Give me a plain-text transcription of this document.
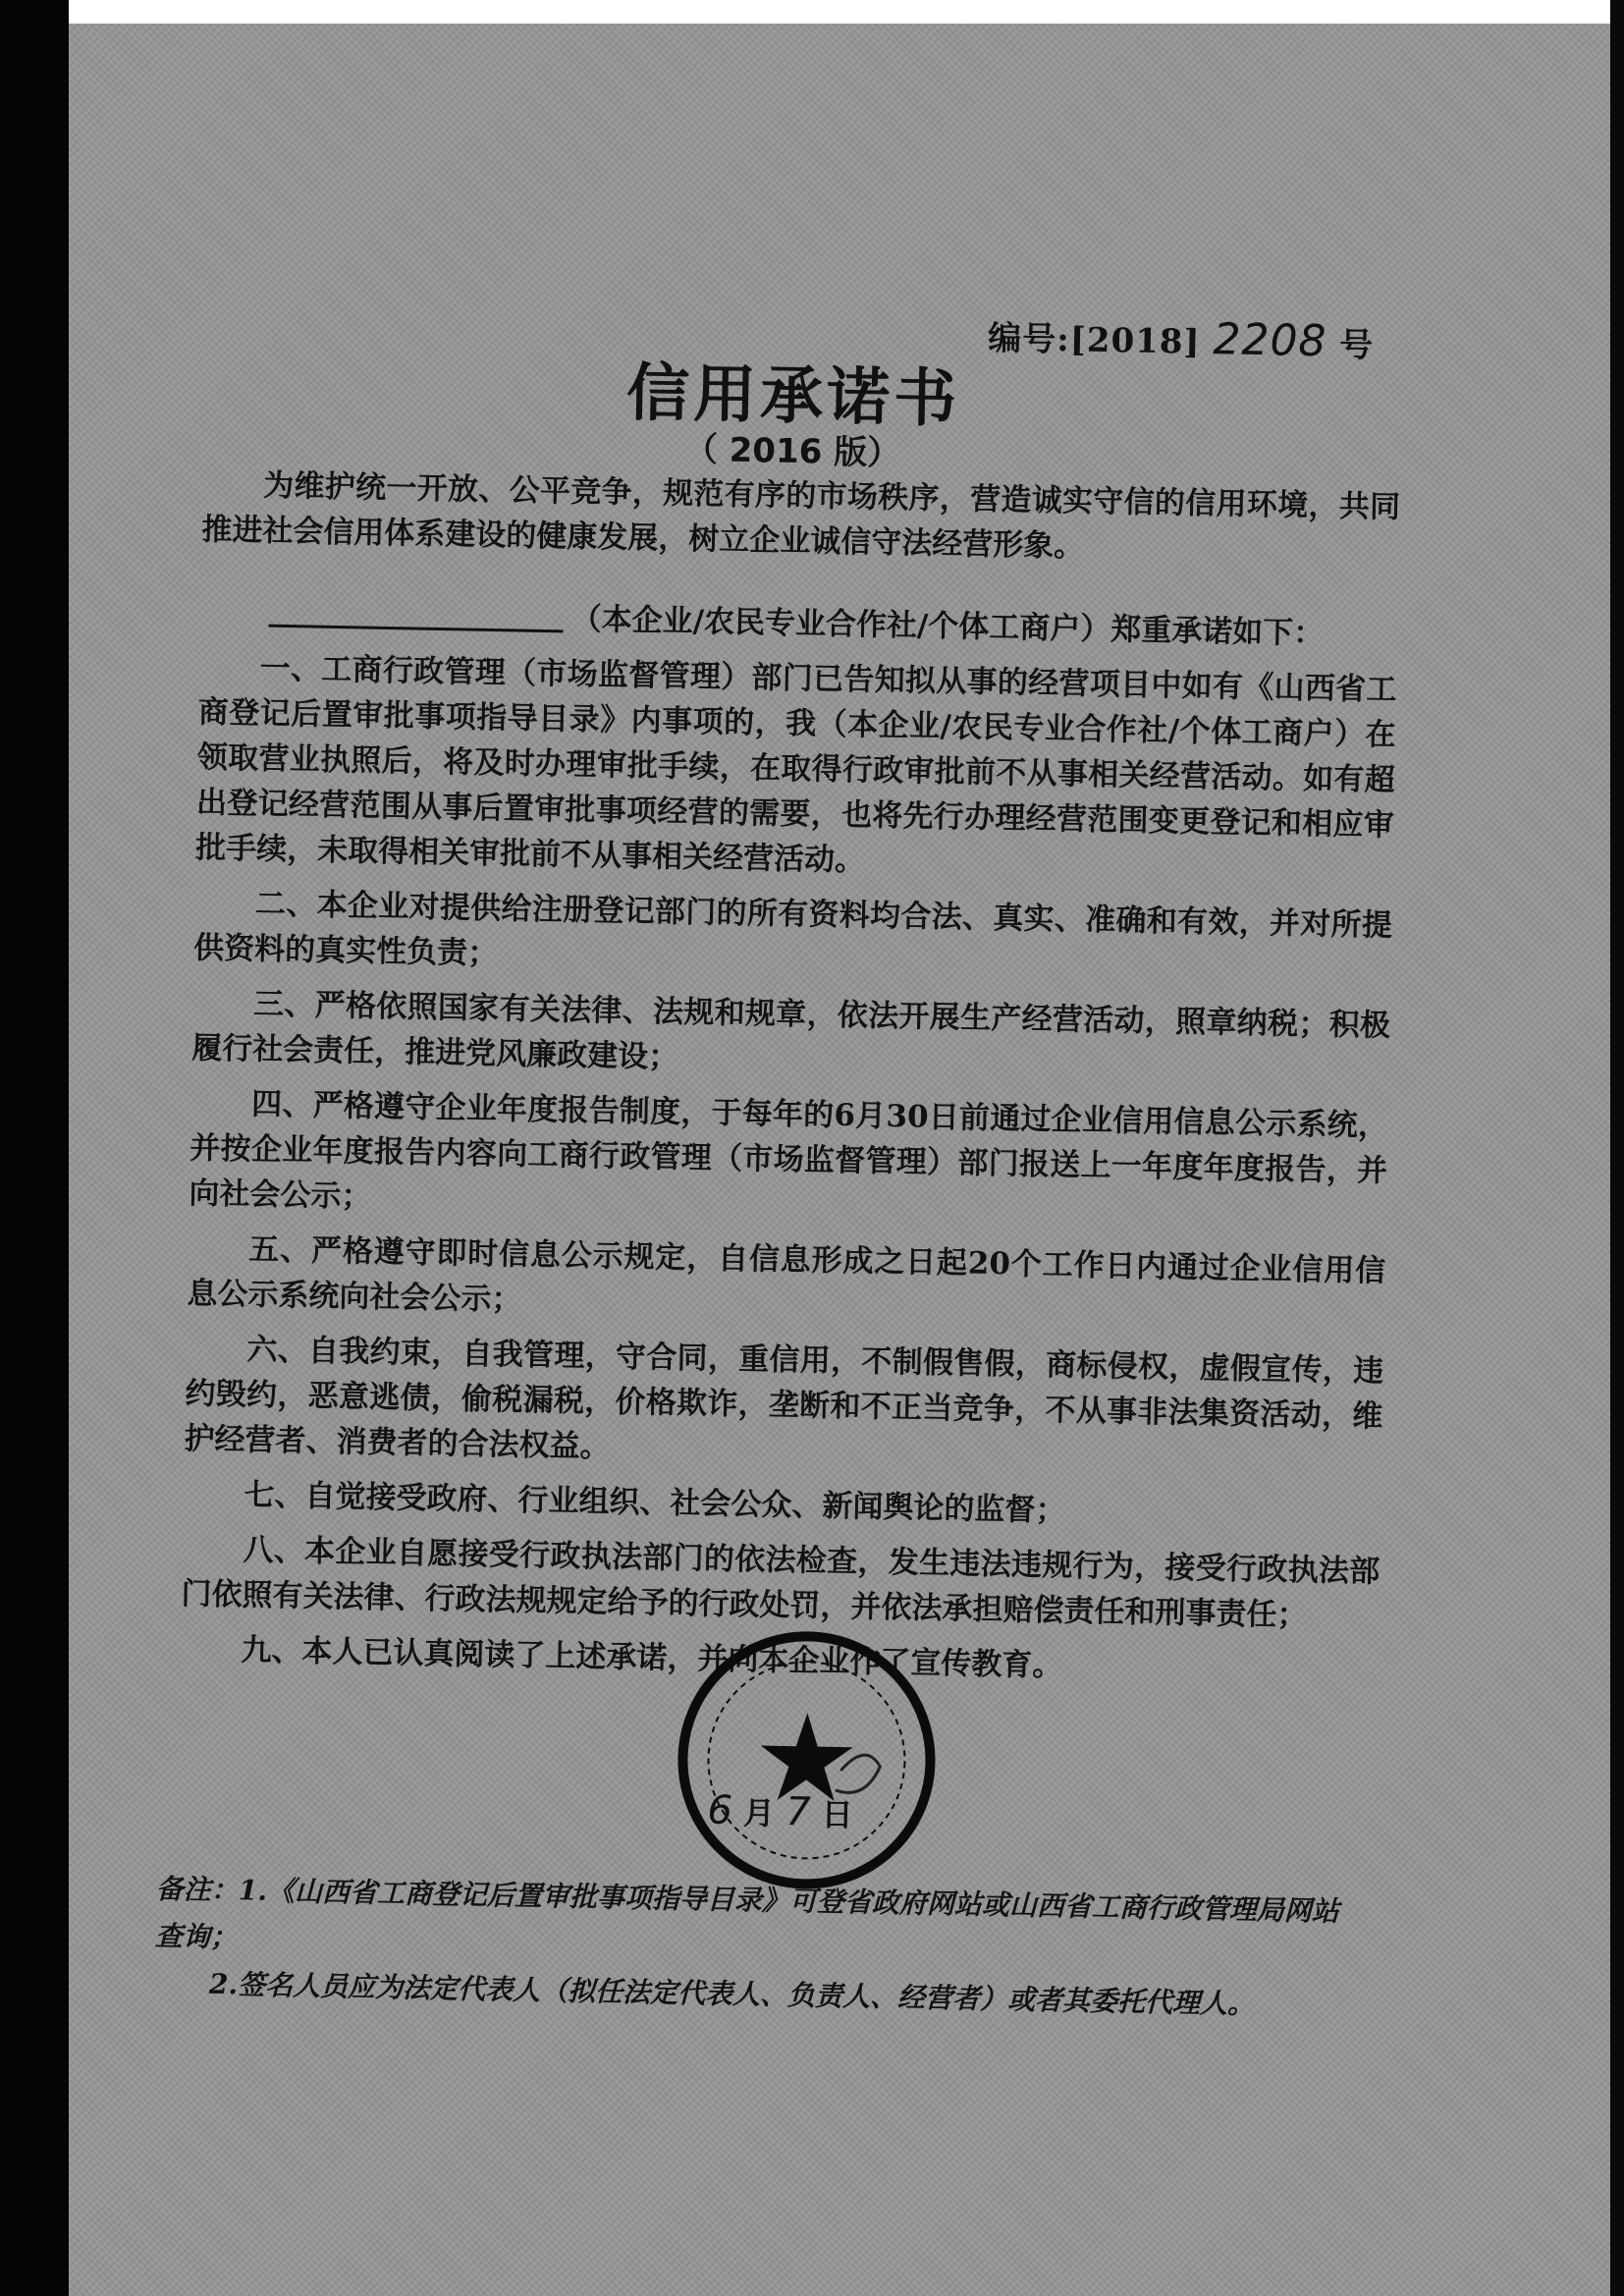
编号:[2018] 2208 号
信用承诺书
（ 2016 版）

为维护统一开放、公平竞争，规范有序的市场秩序，营造诚实守信的信用环境，共同推进社会信用体系建设的健康发展，树立企业诚信守法经营形象。

（本企业/农民专业合作社/个体工商户）郑重承诺如下：

一、工商行政管理（市场监督管理）部门已告知拟从事的经营项目中如有《山西省工商登记后置审批事项指导目录》内事项的，我（本企业/农民专业合作社/个体工商户）在领取营业执照后，将及时办理审批手续，在取得行政审批前不从事相关经营活动。如有超出登记经营范围从事后置审批事项经营的需要，也将先行办理经营范围变更登记和相应审批手续，未取得相关审批前不从事相关经营活动。

二、本企业对提供给注册登记部门的所有资料均合法、真实、准确和有效，并对所提供资料的真实性负责；

三、严格依照国家有关法律、法规和规章，依法开展生产经营活动，照章纳税；积极履行社会责任，推进党风廉政建设；

四、严格遵守企业年度报告制度，于每年的6月30日前通过企业信用信息公示系统，并按企业年度报告内容向工商行政管理（市场监督管理）部门报送上一年度年度报告，并向社会公示；

五、严格遵守即时信息公示规定，自信息形成之日起20个工作日内通过企业信用信息公示系统向社会公示；

六、自我约束，自我管理，守合同，重信用，不制假售假，商标侵权，虚假宣传，违约毁约，恶意逃债，偷税漏税，价格欺诈，垄断和不正当竞争，不从事非法集资活动，维护经营者、消费者的合法权益。

七、自觉接受政府、行业组织、社会公众、新闻舆论的监督；

八、本企业自愿接受行政执法部门的依法检查，发生违法违规行为，接受行政执法部门依照有关法律、行政法规规定给予的行政处罚，并依法承担赔偿责任和刑事责任；

九、本人已认真阅读了上述承诺，并向本企业作了宣传教育。

6 月 7 日

备注：1.《山西省工商登记后置审批事项指导目录》可登省政府网站或山西省工商行政管理局网站查询；

2.签名人员应为法定代表人（拟任法定代表人、负责人、经营者）或者其委托代理人。
